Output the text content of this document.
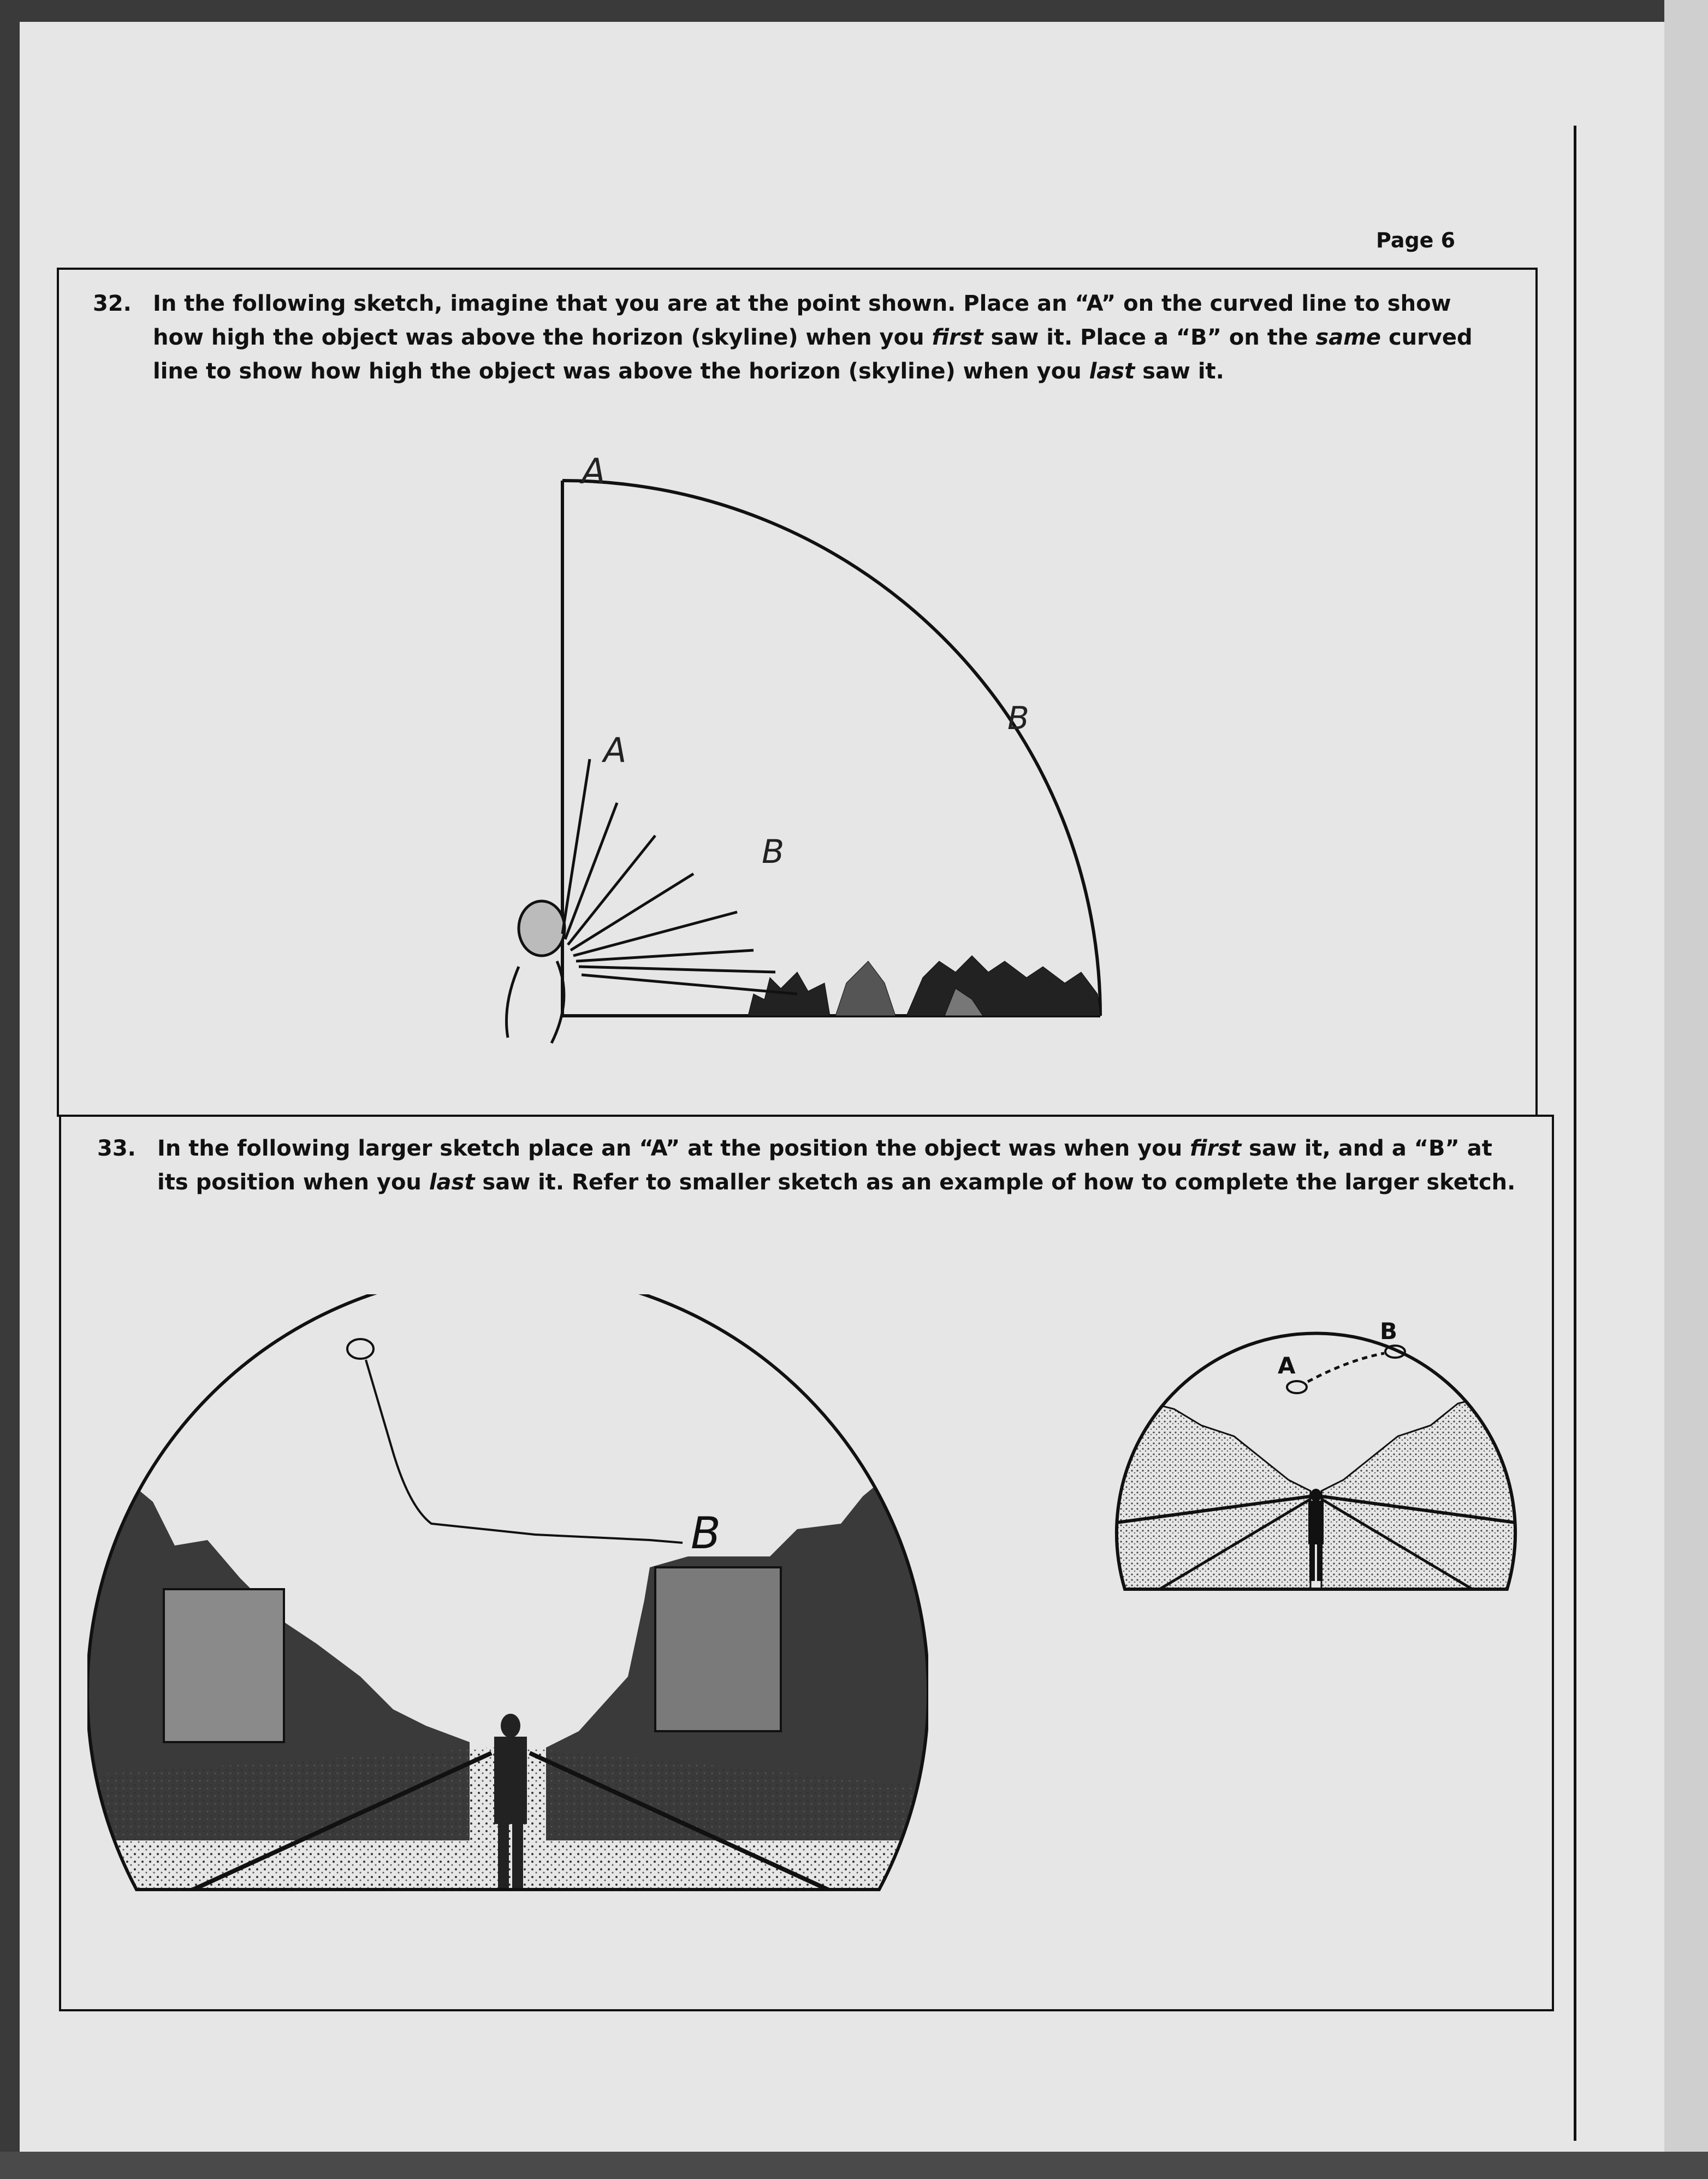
Page 6
32. In the following sketch, imagine that you are at the point shown. Place an “A” on the curved line to show how high the object was above the horizon (skyline) when you first saw it. Place a “B” on the same curved line to show how high the object was above the horizon (skyline) when you last saw it.
A
B
A
B
33. In the following larger sketch place an “A” at the position the object was when you first saw it, and a “B” at its position when you last saw it. Refer to smaller sketch as an example of how to complete the larger sketch.
B
A
B
